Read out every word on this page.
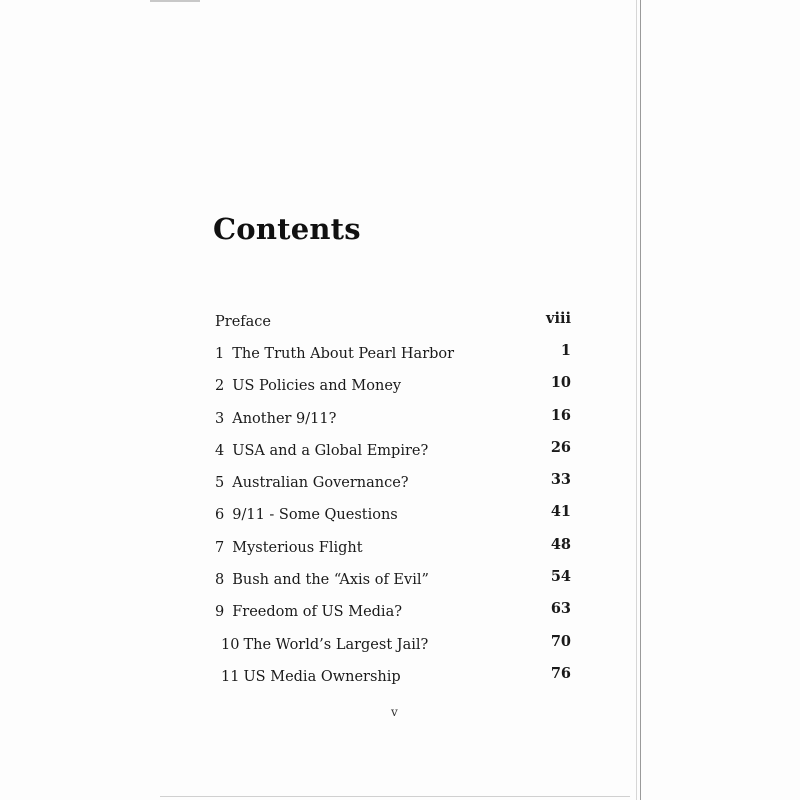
Contents
Preface	viii
1 The Truth About Pearl Harbor	1
2 US Policies and Money	10
3 Another 9/11?	16
4 USA and a Global Empire?	26
5 Australian Governance?	33
6 9/11 - Some Questions	41
7 Mysterious Flight	48
8 Bush and the “Axis of Evil”	54
9 Freedom of US Media?	63
10 The World’s Largest Jail?	70
11 US Media Ownership	76
v
